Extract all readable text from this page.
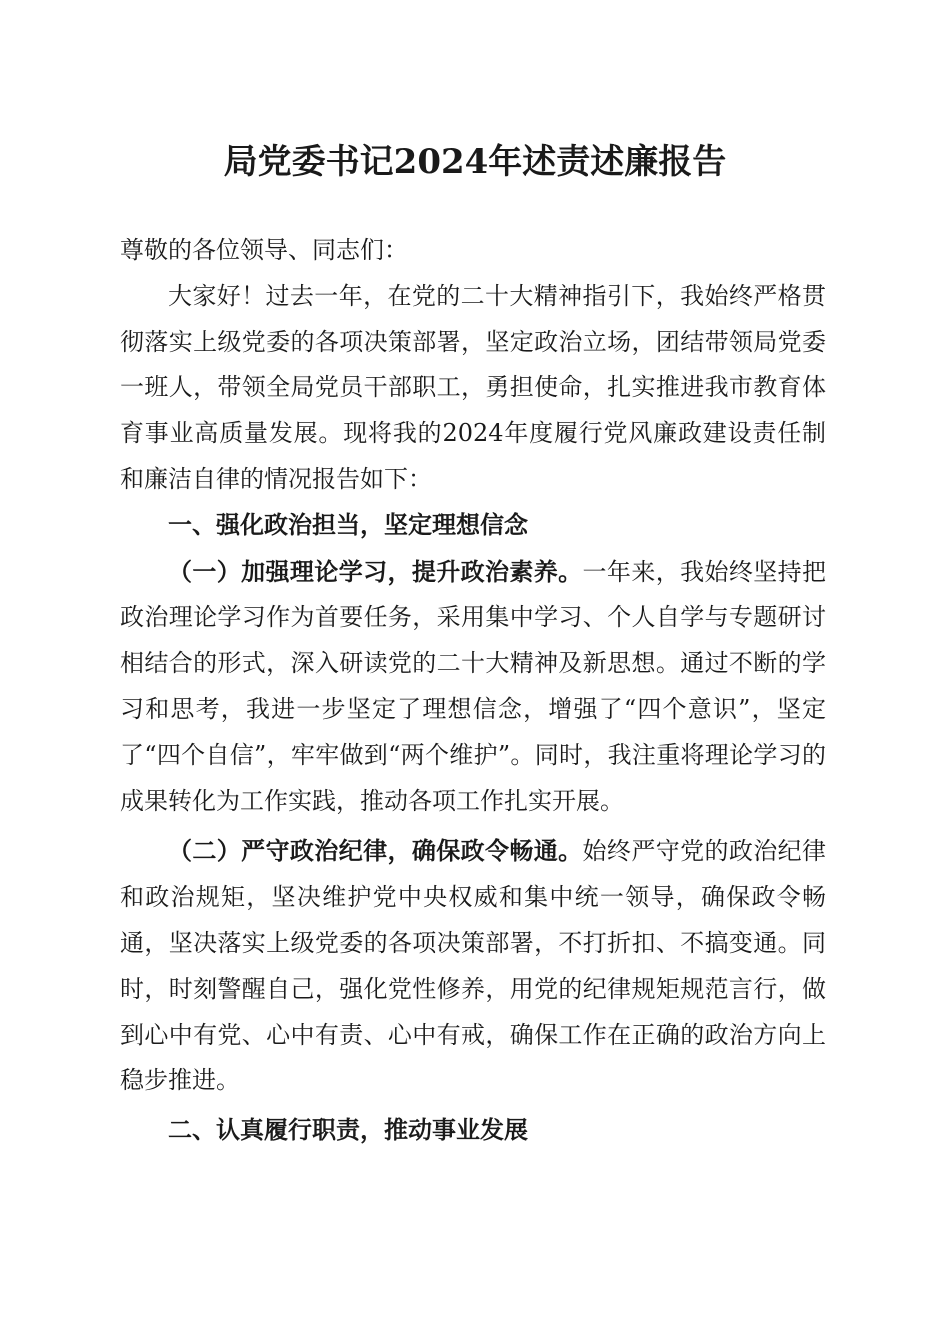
局党委书记2024年述责述廉报告

尊敬的各位领导、同志们：

大家好！过去一年，在党的二十大精神指引下，我始终严格贯彻落实上级党委的各项决策部署，坚定政治立场，团结带领局党委一班人，带领全局党员干部职工，勇担使命，扎实推进我市教育体育事业高质量发展。现将我的2024年度履行党风廉政建设责任制和廉洁自律的情况报告如下：

一、强化政治担当，坚定理想信念

（一）加强理论学习，提升政治素养。一年来，我始终坚持把政治理论学习作为首要任务，采用集中学习、个人自学与专题研讨相结合的形式，深入研读党的二十大精神及新思想。通过不断的学习和思考，我进一步坚定了理想信念，增强了“四个意识”，坚定了“四个自信”，牢牢做到“两个维护”。同时，我注重将理论学习的成果转化为工作实践，推动各项工作扎实开展。

（二）严守政治纪律，确保政令畅通。始终严守党的政治纪律和政治规矩，坚决维护党中央权威和集中统一领导，确保政令畅通，坚决落实上级党委的各项决策部署，不打折扣、不搞变通。同时，时刻警醒自己，强化党性修养，用党的纪律规矩规范言行，做到心中有党、心中有责、心中有戒，确保工作在正确的政治方向上稳步推进。

二、认真履行职责，推动事业发展
